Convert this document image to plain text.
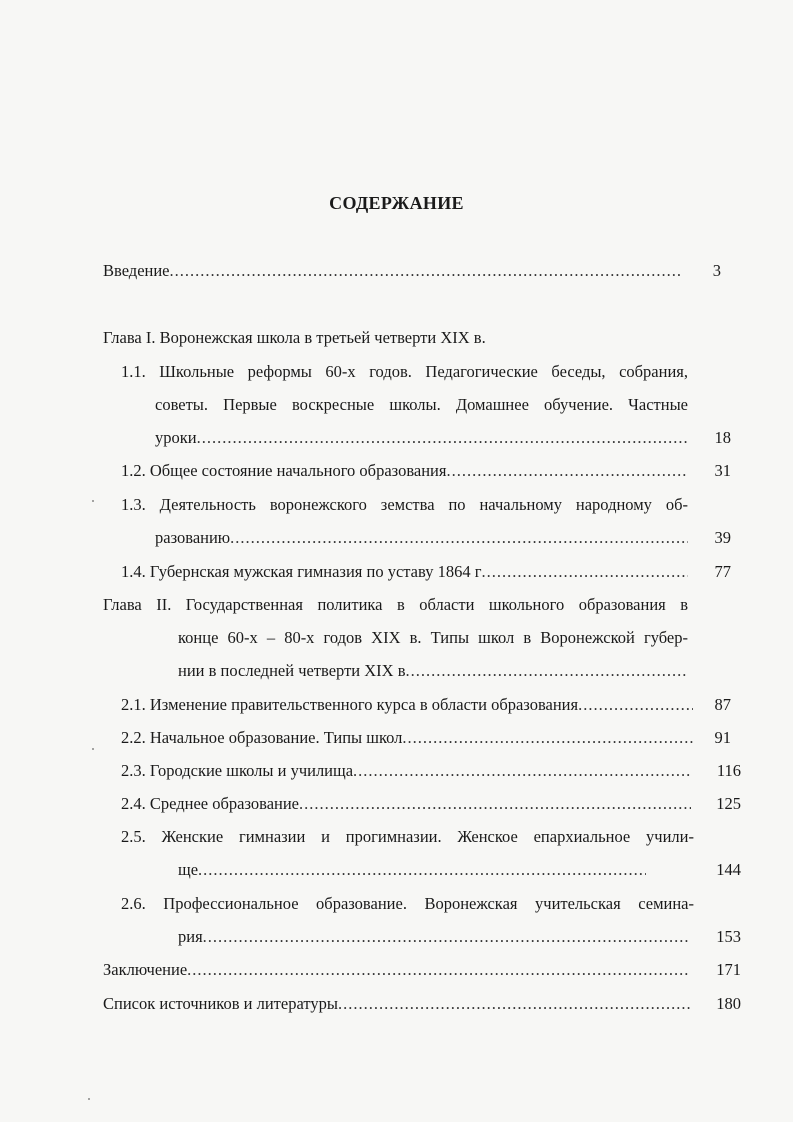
СОДЕРЖАНИЕ
Введение .....	3
Глава I. Воронежская школа в третьей четверти XIX в.
1.1. Школьные реформы 60-х годов. Педагогические беседы, собрания,
советы. Первые воскресные школы. Домашнее обучение. Частные
уроки .....	18
1.2. Общее состояние начального образования .....	31
1.3. Деятельность воронежского земства по начальному народному об-
разованию .....	39
1.4. Губернская мужская гимназия по уставу 1864 г .....	77
Глава II. Государственная политика в области школьного образования в
конце 60-х – 80-х годов XIX в. Типы школ в Воронежской губер-
нии в последней четверти XIX в
.....
2.1. Изменение правительственного курса в области образования .....	87
2.2. Начальное образование. Типы школ .....	91
2.3. Городские школы и училища .....	116
2.4. Среднее образование .....	125
2.5. Женские гимназии и прогимназии. Женское епархиальное учили-
ще .....	144
2.6. Профессиональное образование. Воронежская учительская семина-
рия .....	153
Заключение .....	171
Список источников и литературы .....	180
